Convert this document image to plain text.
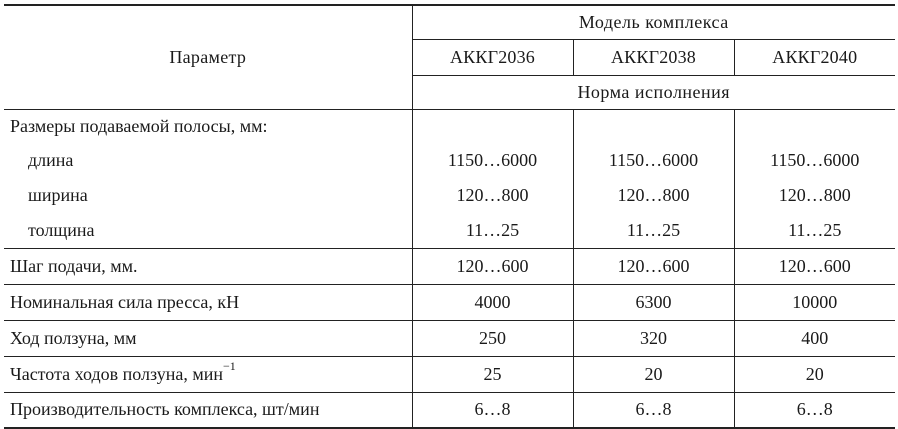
Параметр	Модель комплекса		
	АККГ2036	АККГ2038	АККГ2040
	Норма исполнения		
Размеры подаваемой полосы, мм:			
длина	1150…6000	1150…6000	1150…6000
ширина	120…800	120…800	120…800
толщина	11…25	11…25	11…25
Шаг подачи, мм.	120…600	120…600	120…600
Номинальная сила пресса, кН	4000	6300	10000
Ход ползуна, мм	250	320	400
Частота ходов ползуна, мин$^{-1}$	25	20	20
Производительность комплекса, шт/мин	6…8	6…8	6…8
